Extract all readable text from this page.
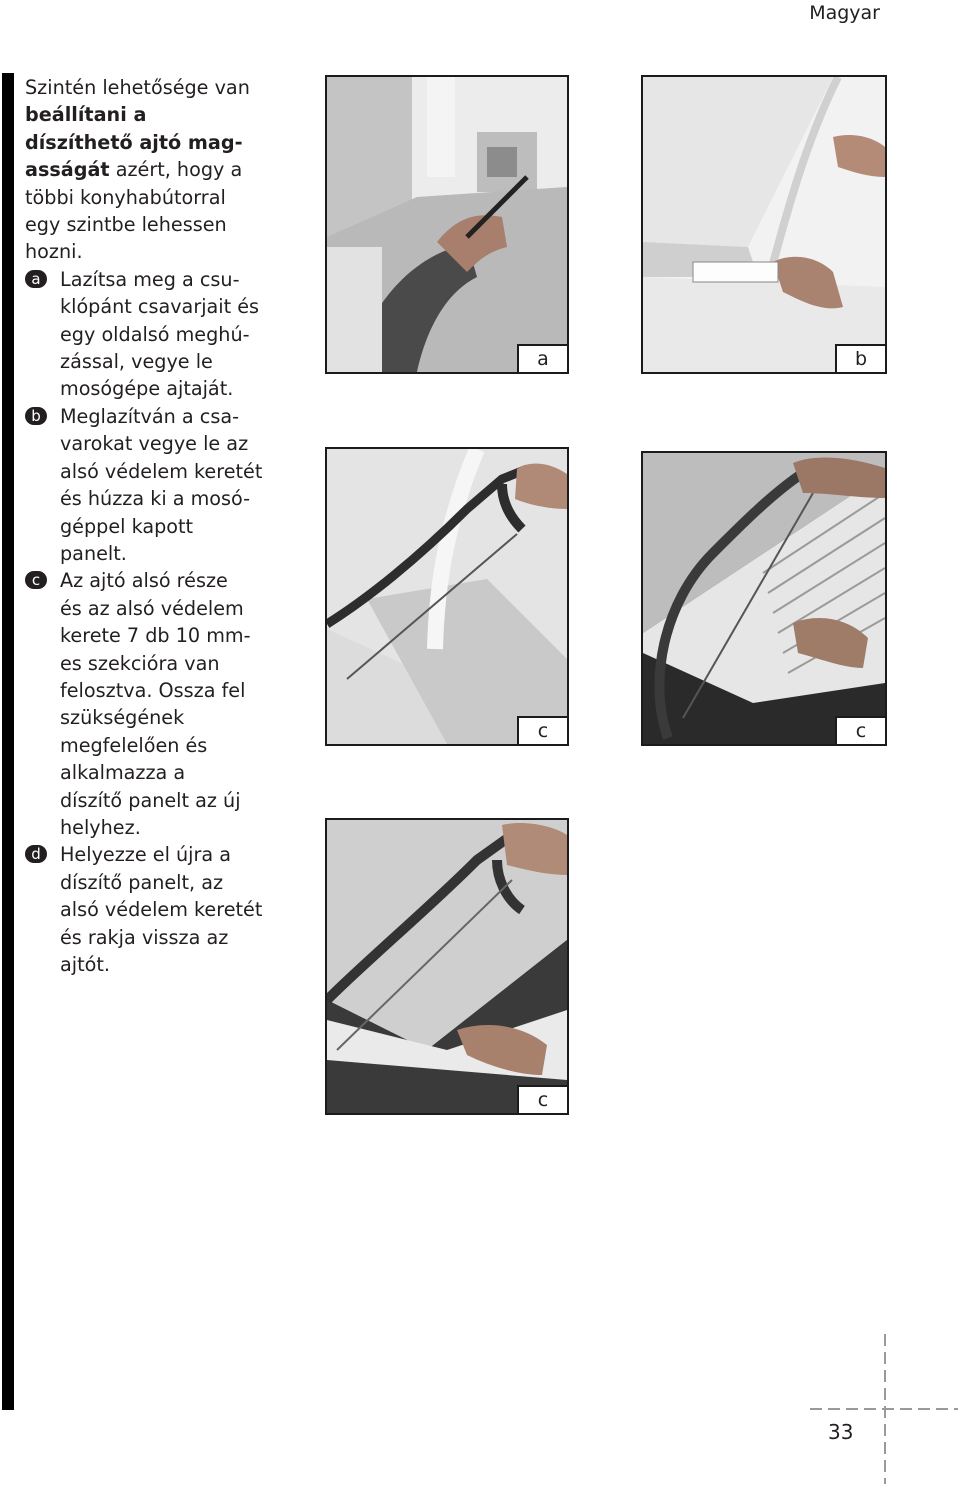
Magyar
Szintén lehetősége van
beállítani a
díszíthető ajtó mag-
asságát azért, hogy a
többi konyhabútorral
egy szintbe lehessen
hozni.
a	Lazítsa meg a csu-
klópánt csavarjait és
egy oldalsó meghú-
zással, vegye le
mosógépe ajtaját.
b	Meglazítván a csa-
varokat vegye le az
alsó védelem keretét
és húzza ki a mosó-
géppel kapott
panelt.
c	Az ajtó alsó része
és az alsó védelem
kerete 7 db 10 mm-
es szekcióra van
felosztva. Ossza fel
szükségének
megfelelően és
alkalmazza a
díszítő panelt az új
helyhez.
d	Helyezze el újra a
díszítő panelt, az
alsó védelem keretét
és rakja vissza az
ajtót.
a	b
c	c
c
33
